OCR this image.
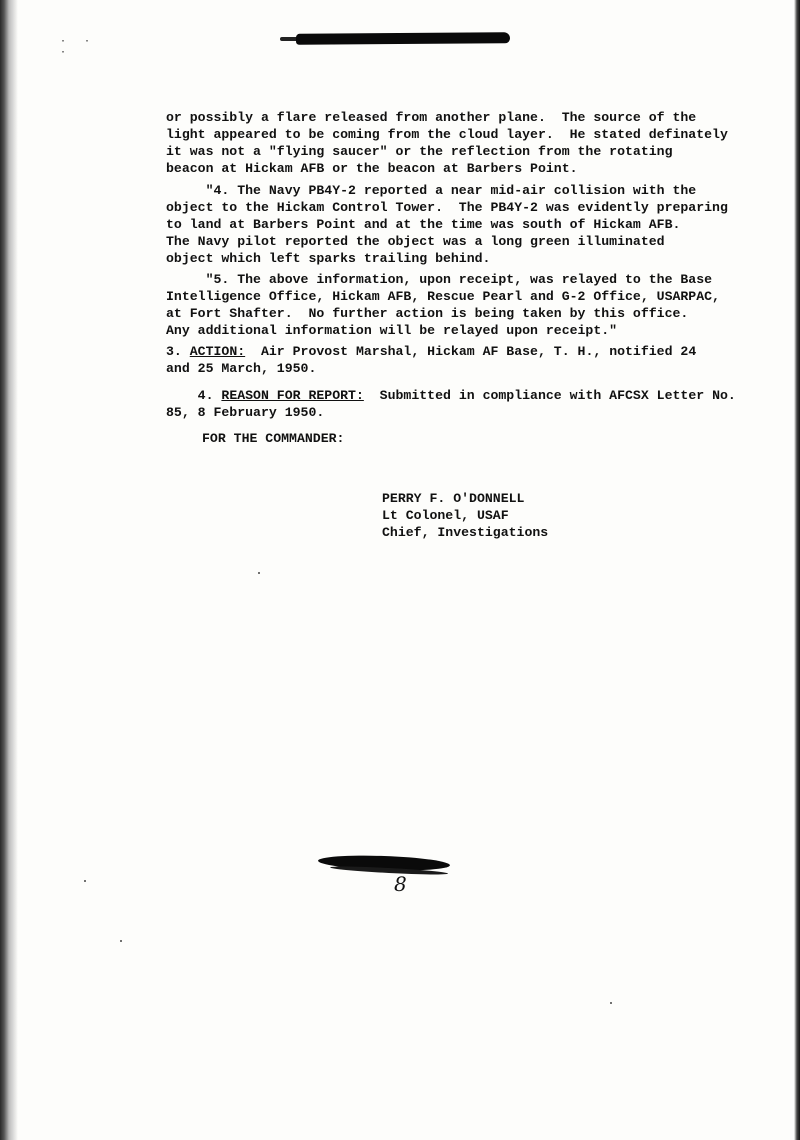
· · ·

or possibly a flare released from another plane.  The source of the
light appeared to be coming from the cloud layer.  He stated definately
it was not a "flying saucer" or the reflection from the rotating
beacon at Hickam AFB or the beacon at Barbers Point.

"4. The Navy PB4Y-2 reported a near mid-air collision with the
object to the Hickam Control Tower.  The PB4Y-2 was evidently preparing
to land at Barbers Point and at the time was south of Hickam AFB.
The Navy pilot reported the object was a long green illuminated
object which left sparks trailing behind.

"5. The above information, upon receipt, was relayed to the Base
Intelligence Office, Hickam AFB, Rescue Pearl and G-2 Office, USARPAC,
at Fort Shafter.  No further action is being taken by this office.
Any additional information will be relayed upon receipt."

3. ACTION:  Air Provost Marshal, Hickam AF Base, T. H., notified 24
and 25 March, 1950.
4. REASON FOR REPORT:  Submitted in compliance with AFCSX Letter No.
85, 8 February 1950.
FOR THE COMMANDER:
PERRY F. O'DONNELL
Lt Colonel, USAF
Chief, Investigations
8
